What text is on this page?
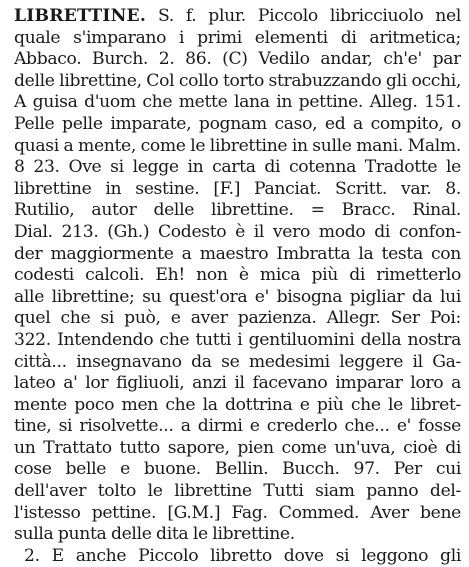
LIBRETTINE. S. f. plur. Piccolo libricciuolo nel
quale s'imparano i primi elementi di aritmetica;
Abbaco. Burch. 2. 86. (C) Vedilo andar, ch'e' par
delle librettine, Col collo torto strabuzzando gli occhi,
A guisa d'uom che mette lana in pettine. Alleg. 151.
Pelle pelle imparate, pognam caso, ed a compito, o
quasi a mente, come le librettine in sulle mani. Malm.
8 23. Ove si legge in carta di cotenna Tradotte le
librettine in sestine. [F.] Panciat. Scritt. var. 8.
Rutilio, autor delle librettine. = Bracc. Rinal.
Dial. 213. (Gh.) Codesto è il vero modo di confon-
der maggiormente a maestro Imbratta la testa con
codesti calcoli. Eh! non è mica più di rimetterlo
alle librettine; su quest'ora e' bisogna pigliar da lui
quel che si può, e aver pazienza. Allegr. Ser Poi:
322. Intendendo che tutti i gentiluomini della nostra
città... insegnavano da se medesimi leggere il Ga-
lateo a' lor figliuoli, anzi il facevano imparar loro a
mente poco men che la dottrina e più che le libret-
tine, si risolvette... a dirmi e crederlo che... e' fosse
un Trattato tutto sapore, pien come un'uva, cioè di
cose belle e buone. Bellin. Bucch. 97. Per cui
dell'aver tolto le librettine Tutti siam panno del-
l'istesso pettine. [G.M.] Fag. Commed. Aver bene
sulla punta delle dita le librettine.
2. E anche Piccolo libretto dove si leggono gli
